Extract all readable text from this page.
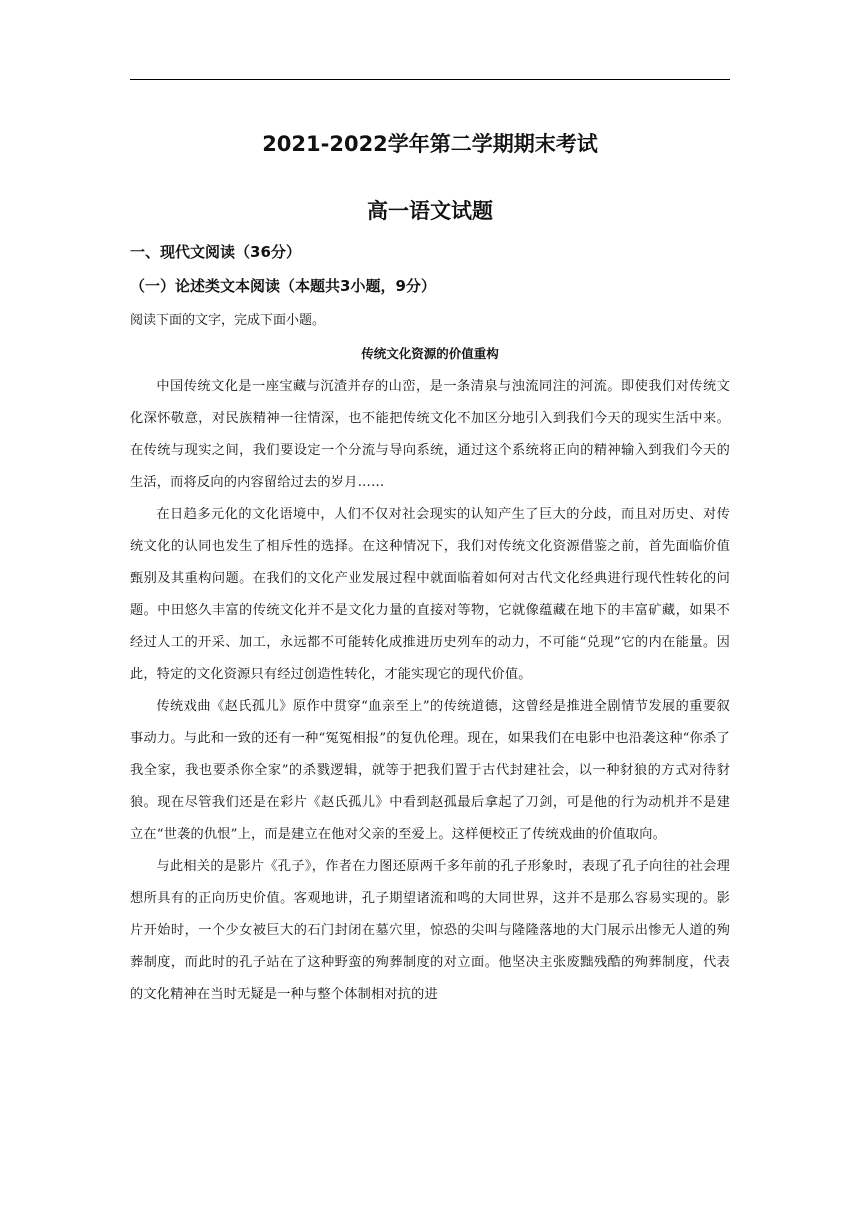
2021-2022学年第二学期期末考试
高一语文试题
一、现代文阅读（36分）
（一）论述类文本阅读（本题共3小题，9分）
阅读下面的文字，完成下面小题。
传统文化资源的价值重构

中国传统文化是一座宝藏与沉渣并存的山峦，是一条清泉与浊流同注的河流。即使我们对传统文化深怀敬意，对民族精神一往情深，也不能把传统文化不加区分地引入到我们今天的现实生活中来。在传统与现实之间，我们要设定一个分流与导向系统，通过这个系统将正向的精神输入到我们今天的生活，而将反向的内容留给过去的岁月……

在日趋多元化的文化语境中，人们不仅对社会现实的认知产生了巨大的分歧，而且对历史、对传统文化的认同也发生了相斥性的选择。在这种情况下，我们对传统文化资源借鉴之前，首先面临价值甄别及其重构问题。在我们的文化产业发展过程中就面临着如何对古代文化经典进行现代性转化的问题。中田悠久丰富的传统文化并不是文化力量的直接对等物，它就像蕴藏在地下的丰富矿藏，如果不经过人工的开采、加工，永远都不可能转化成推进历史列车的动力，不可能“兑现”它的内在能量。因此，特定的文化资源只有经过创造性转化，才能实现它的现代价值。

传统戏曲《赵氏孤儿》原作中贯穿“血亲至上”的传统道德，这曾经是推进全剧情节发展的重要叙事动力。与此和一致的还有一种“冤冤相报”的复仇伦理。现在，如果我们在电影中也沿袭这种“你杀了我全家，我也要杀你全家”的杀戮逻辑，就等于把我们置于古代封建社会，以一种豺狼的方式对待豺狼。现在尽管我们还是在彩片《赵氏孤儿》中看到赵孤最后拿起了刀剑，可是他的行为动机并不是建立在“世袭的仇恨”上，而是建立在他对父亲的至爱上。这样便校正了传统戏曲的价值取向。

与此相关的是影片《孔子》，作者在力图还原两千多年前的孔子形象时，表现了孔子向往的社会理想所具有的正向历史价值。客观地讲，孔子期望诸流和鸣的大同世界，这并不是那么容易实现的。影片开始时，一个少女被巨大的石门封闭在墓穴里，惊恐的尖叫与隆隆落地的大门展示出惨无人道的殉葬制度，而此时的孔子站在了这种野蛮的殉葬制度的对立面。他坚决主张废黜残酷的殉葬制度，代表的文化精神在当时无疑是一种与整个体制相对抗的进
